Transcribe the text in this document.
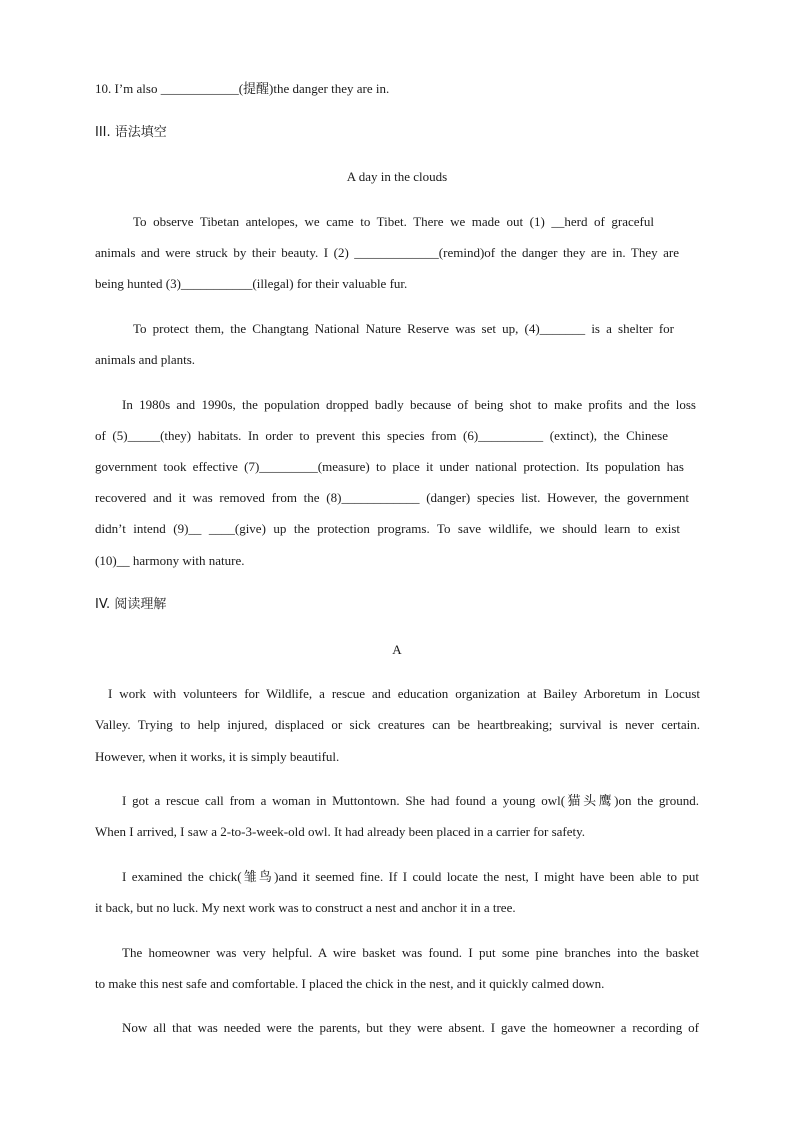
10. I’m also ____________(提醒)the danger they are in.
III. 语法填空
A day in the clouds
To observe Tibetan antelopes, we came to Tibet. There we made out (1) __herd of graceful
animals and were struck by their beauty. I (2) _____________(remind)of the danger they are in. They are
being hunted (3)___________(illegal) for their valuable fur.
To protect them, the Changtang National Nature Reserve was set up, (4)_______ is a shelter for
animals and plants.
In 1980s and 1990s, the population dropped badly because of being shot to make profits and the loss
of (5)_____(they) habitats. In order to prevent this species from (6)__________ (extinct), the Chinese
government took effective (7)_________(measure) to place it under national protection. Its population has
recovered and it was removed from the (8)____________ (danger) species list. However, the government
didn’t intend (9)__ ____(give) up the protection programs. To save wildlife, we should learn to exist
(10)__ harmony with nature.
IV. 阅读理解
A
I work with volunteers for Wildlife, a rescue and education organization at Bailey Arboretum in Locust
Valley. Trying to help injured, displaced or sick creatures can be heartbreaking; survival is never certain.
However, when it works, it is simply beautiful.
I got a rescue call from a woman in Muttontown. She had found a young owl(猫头鹰)on the ground.
When I arrived, I saw a 2-to-3-week-old owl. It had already been placed in a carrier for safety.
I examined the chick(雏鸟)and it seemed fine. If I could locate the nest, I might have been able to put
it back, but no luck. My next work was to construct a nest and anchor it in a tree.
The homeowner was very helpful. A wire basket was found. I put some pine branches into the basket
to make this nest safe and comfortable. I placed the chick in the nest, and it quickly calmed down.
Now all that was needed were the parents, but they were absent. I gave the homeowner a recording of
